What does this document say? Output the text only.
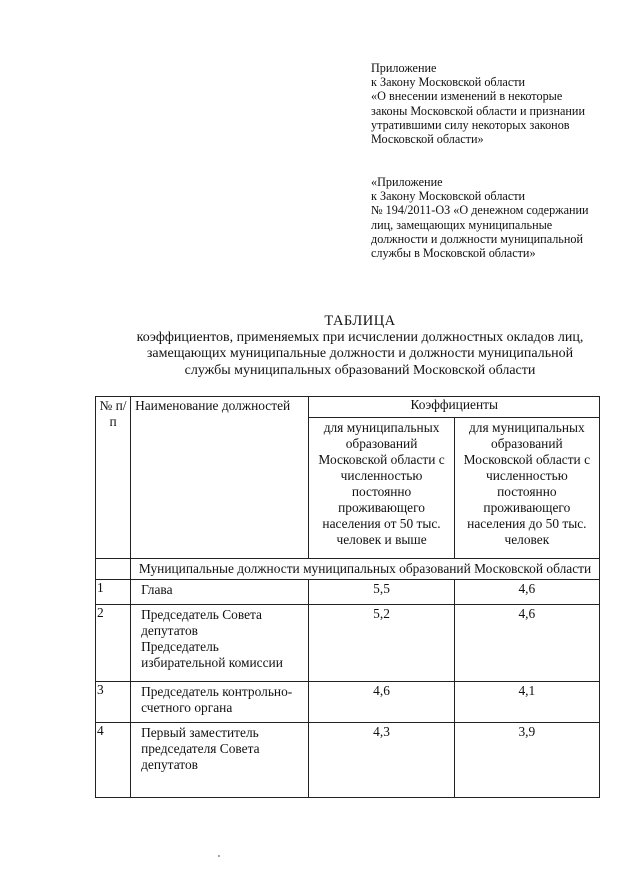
Приложение
к Закону Московской области
«О внесении изменений в некоторые
законы Московской области и признании
утратившими силу некоторых законов
Московской области»
«Приложение
к Закону Московской области
№ 194/2011-ОЗ «О денежном содержании
лиц, замещающих муниципальные
должности и должности муниципальной
службы в Московской области»
ТАБЛИЦА
коэффициентов, применяемых при исчислении должностных окладов лиц,
замещающих муниципальные должности и должности муниципальной
службы муниципальных образований Московской области
№ п/п	Наименование должностей	Коэффициенты	
		для муниципальных образований Московской области с численностью постоянно проживающего населения от 50 тыс. человек и выше	для муниципальных образований Московской области с численностью постоянно проживающего населения до 50 тыс. человек
	Муниципальные должности муниципальных образований Московской области		
1	Глава	5,5	4,6
2	Председатель Совета депутатов
Председатель избирательной комиссии	5,2	4,6
3	Председатель контрольно-счетного органа	4,6	4,1
4	Первый заместитель председателя Совета депутатов	4,3	3,9
